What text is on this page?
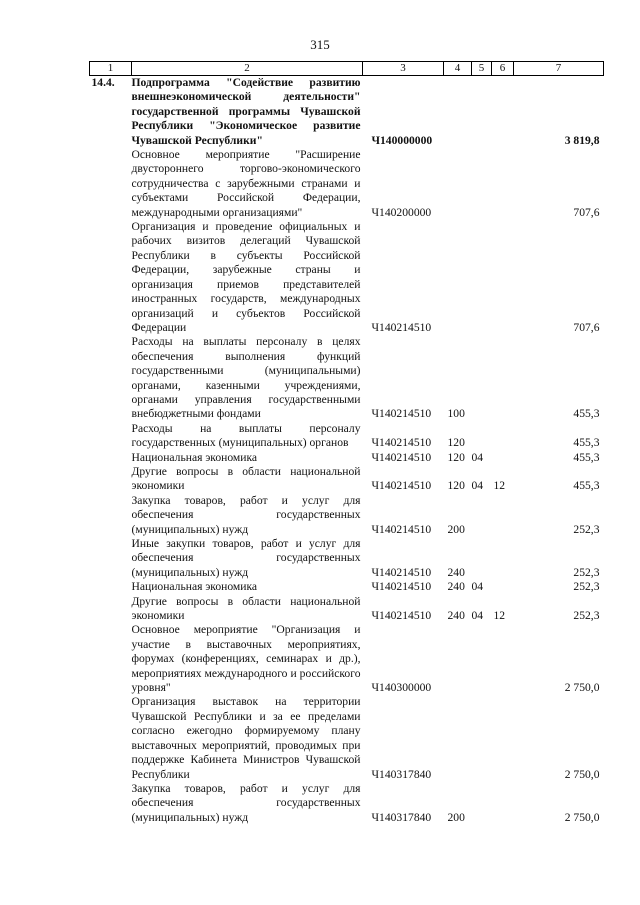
315
1	2	3	4	5	6	7
14.4.	Подпрограмма "Содействие развитию внешнеэкономической деятельности" государственной программы Чувашской Республики "Экономическое развитие Чувашской Республики"	Ч140000000				3 819,8
	Основное мероприятие "Расширение двустороннего торгово-экономического сотрудничества с зарубежными странами и субъектами Российской Федерации, международными организациями"	Ч140200000				707,6
	Организация и проведение официальных и рабочих визитов делегаций Чувашской Республики в субъекты Российской Федерации, зарубежные страны и организация приемов представителей иностранных государств, международных организаций и субъектов Российской Федерации	Ч140214510				707,6
	Расходы на выплаты персоналу в целях обеспечения выполнения функций государственными (муниципальными) органами, казенными учреждениями, органами управления государственными внебюджетными фондами	Ч140214510	100			455,3
	Расходы на выплаты персоналу государственных (муниципальных) органов	Ч140214510	120			455,3
	Национальная экономика	Ч140214510	120	04		455,3
	Другие вопросы в области национальной экономики	Ч140214510	120	04	12	455,3
	Закупка товаров, работ и услуг для обеспечения государственных (муниципальных) нужд	Ч140214510	200			252,3
	Иные закупки товаров, работ и услуг для обеспечения государственных (муниципальных) нужд	Ч140214510	240			252,3
	Национальная экономика	Ч140214510	240	04		252,3
	Другие вопросы в области национальной экономики	Ч140214510	240	04	12	252,3
	Основное мероприятие "Организация и участие в выставочных мероприятиях, форумах (конференциях, семинарах и др.), мероприятиях международного и российского уровня"	Ч140300000				2 750,0
	Организация выставок на территории Чувашской Республики и за ее пределами согласно ежегодно формируемому плану выставочных мероприятий, проводимых при поддержке Кабинета Министров Чувашской Республики	Ч140317840				2 750,0
	Закупка товаров, работ и услуг для обеспечения государственных (муниципальных) нужд	Ч140317840	200			2 750,0
